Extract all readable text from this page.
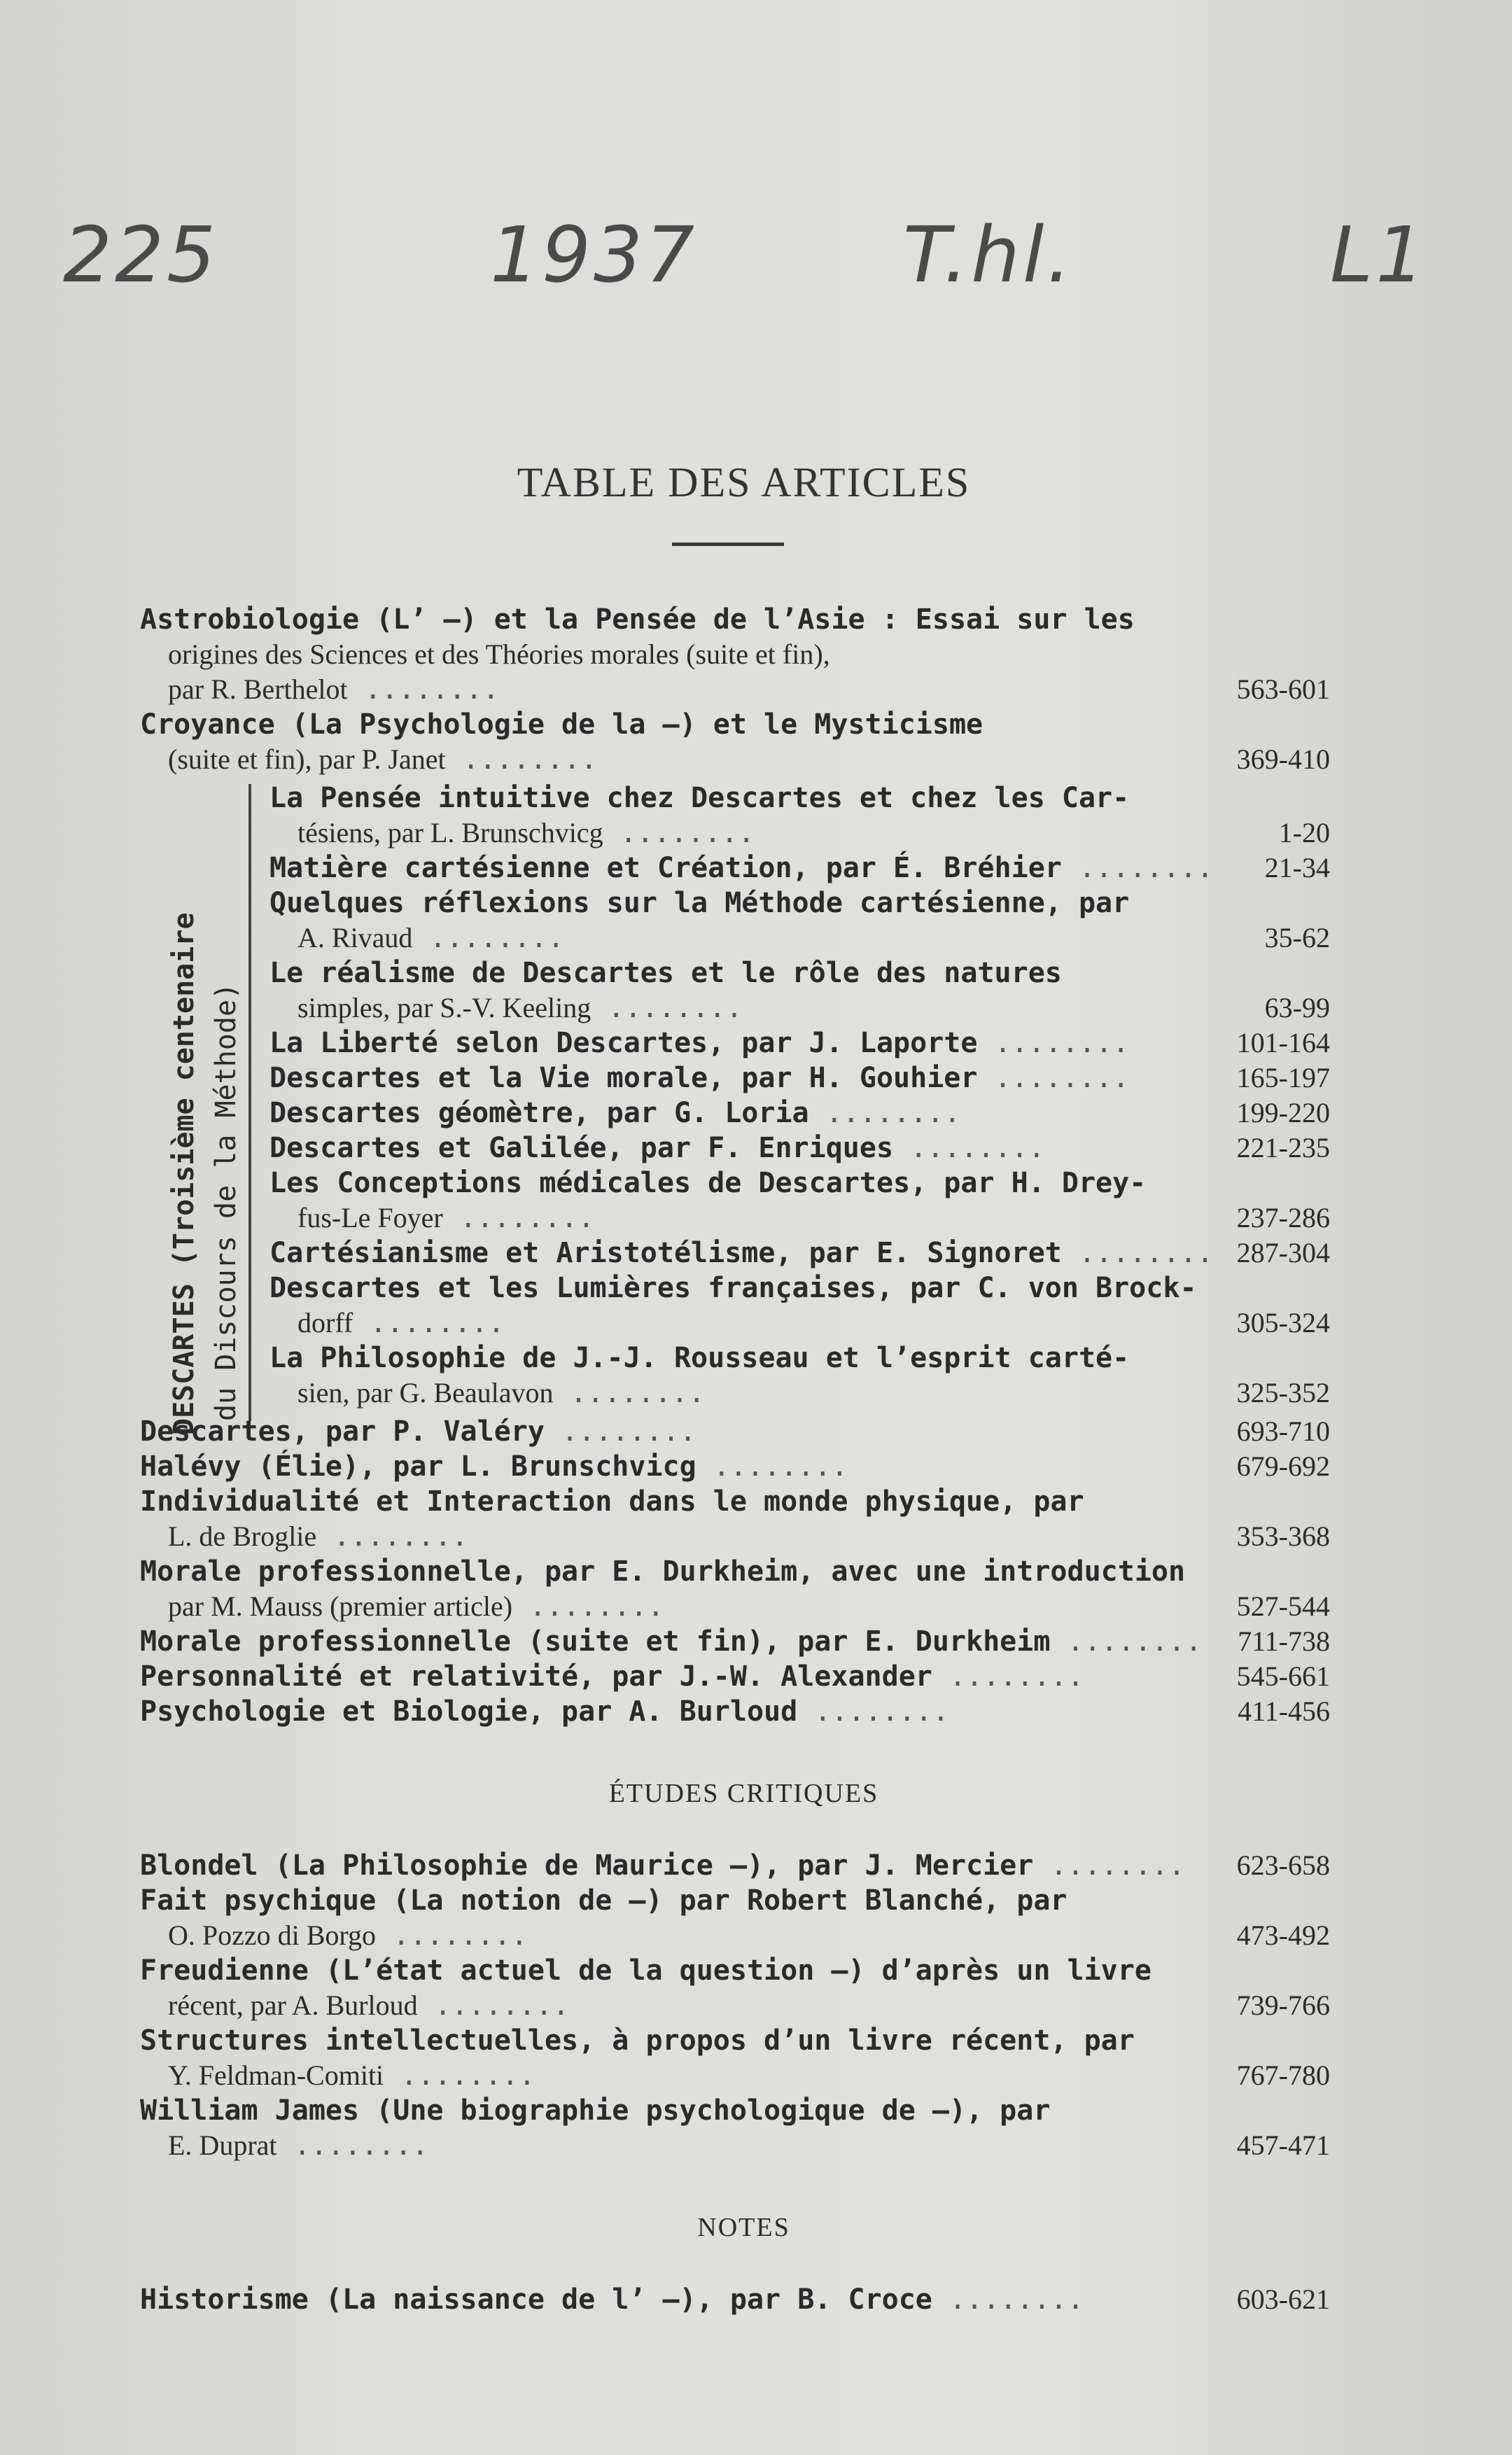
225	1937	T.hl.	L1
TABLE DES ARTICLES
DESCARTES (Troisième centenaire du Discours de la Méthode)
Astrobiologie (L’ —) et la Pensée de l’Asie : Essai sur les
origines des Sciences et des Théories morales (suite et fin),
par R. Berthelot ........	563-601
Croyance (La Psychologie de la —) et le Mysticisme
(suite et fin), par P. Janet ........	369-410
La Pensée intuitive chez Descartes et chez les Car-
tésiens, par L. Brunschvicg ........	1-20
Matière cartésienne et Création, par É. Bréhier ........ 21-34
Quelques réflexions sur la Méthode cartésienne, par
A. Rivaud ........	35-62
Le réalisme de Descartes et le rôle des natures
simples, par S.-V. Keeling ........	63-99
La Liberté selon Descartes, par J. Laporte ........	101-164
Descartes et la Vie morale, par H. Gouhier ........	165-197
Descartes géomètre, par G. Loria ........	199-220
Descartes et Galilée, par F. Enriques ........	221-235
Les Conceptions médicales de Descartes, par H. Drey-
fus-Le Foyer ........	237-286
Cartésianisme et Aristotélisme, par E. Signoret ........ 287-304
Descartes et les Lumières françaises, par C. von Brock-
dorff ........	305-324
La Philosophie de J.-J. Rousseau et l’esprit carté-
sien, par G. Beaulavon ........	325-352
Descartes, par P. Valéry ........	693-710
Halévy (Élie), par L. Brunschvicg ........	679-692
Individualité et Interaction dans le monde physique, par
L. de Broglie ........	353-368
Morale professionnelle, par E. Durkheim, avec une introduction
par M. Mauss (premier article) ........	527-544
Morale professionnelle (suite et fin), par E. Durkheim ........ 711-738
Personnalité et relativité, par J.-W. Alexander ........	545-661
Psychologie et Biologie, par A. Burloud ........	411-456
ÉTUDES CRITIQUES
Blondel (La Philosophie de Maurice —), par J. Mercier ........ 623-658
Fait psychique (La notion de —) par Robert Blanché, par
O. Pozzo di Borgo ........	473-492
Freudienne (L’état actuel de la question —) d’après un livre
récent, par A. Burloud ........	739-766
Structures intellectuelles, à propos d’un livre récent, par
Y. Feldman-Comiti ........	767-780
William James (Une biographie psychologique de —), par
E. Duprat ........	457-471
NOTES
Historisme (La naissance de l’ —), par B. Croce ........	603-621
